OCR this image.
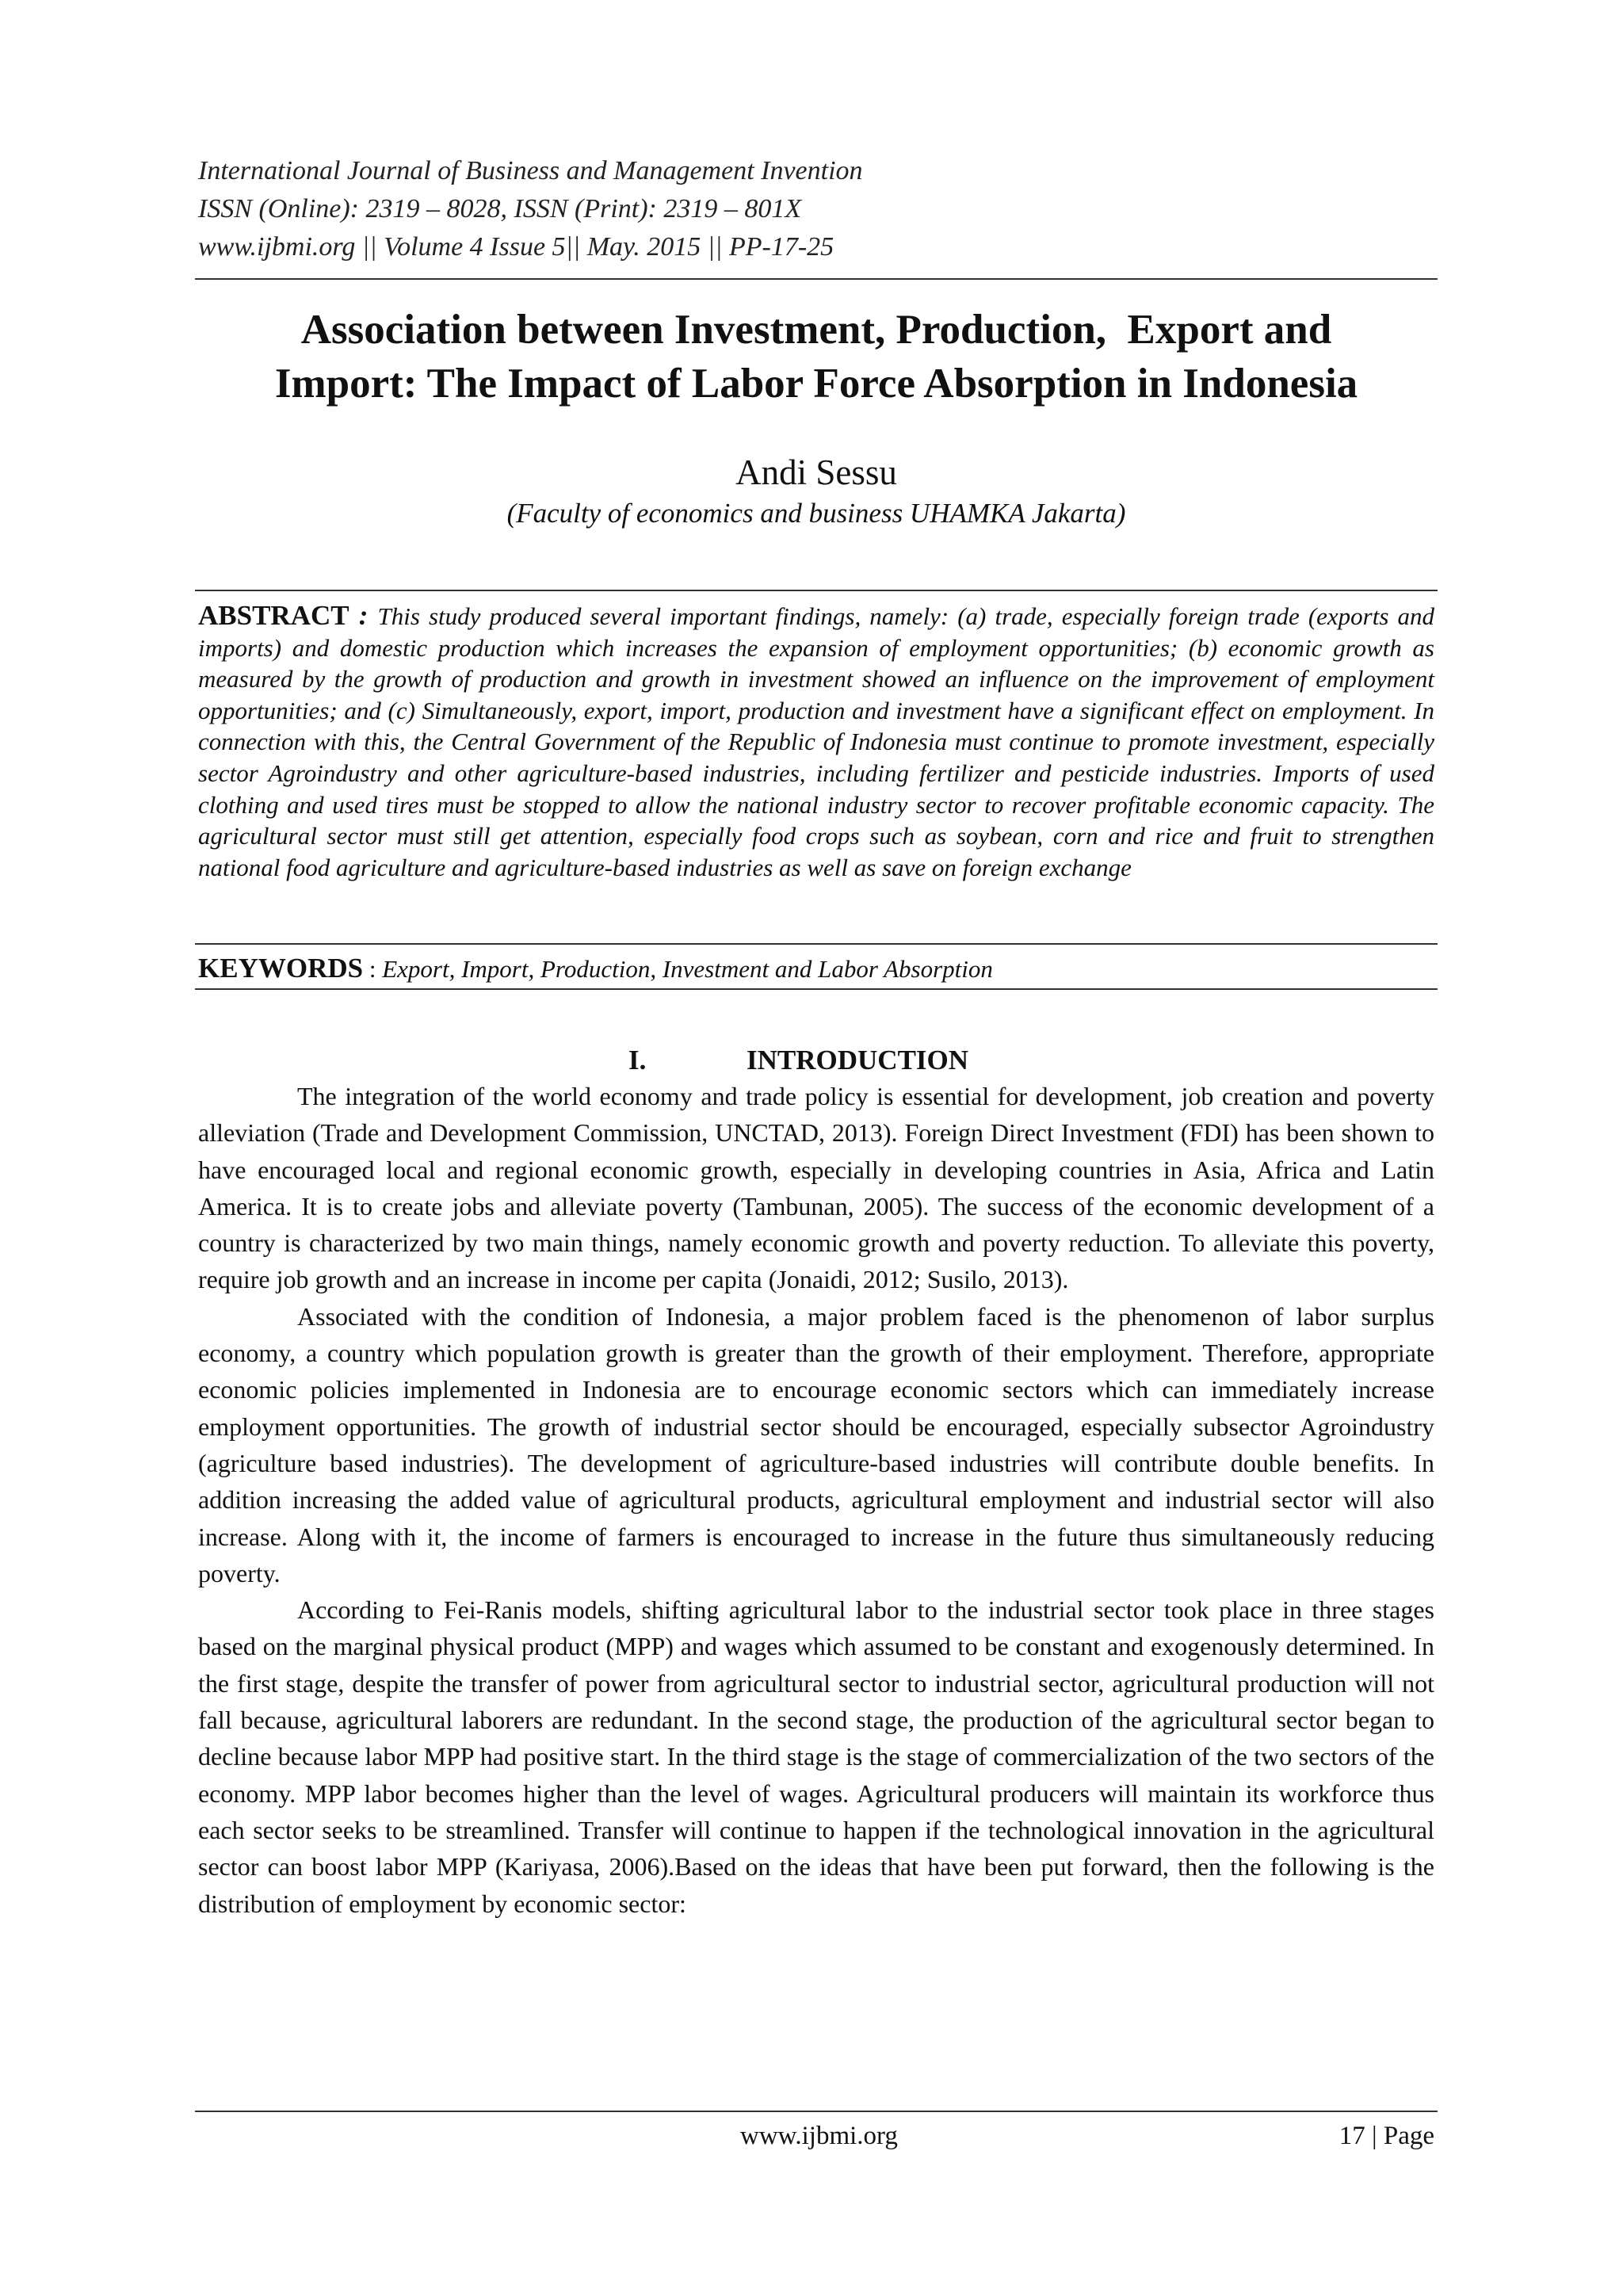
International Journal of Business and Management Invention
ISSN (Online): 2319 – 8028, ISSN (Print): 2319 – 801X
www.ijbmi.org || Volume 4 Issue 5|| May. 2015 || PP-17-25
Association between Investment, Production,  Export and
Import: The Impact of Labor Force Absorption in Indonesia
Andi Sessu
(Faculty of economics and business UHAMKA Jakarta)
ABSTRACT : This study produced several important findings, namely: (a) trade, especially foreign trade (exports and imports) and domestic production which increases the expansion of employment opportunities; (b) economic growth as measured by the growth of production and growth in investment showed an influence on the improvement of employment opportunities; and (c) Simultaneously, export, import, production and investment have a significant effect on employment. In connection with this, the Central Government of the Republic of Indonesia must continue to promote investment, especially sector Agroindustry and other agriculture-based industries, including fertilizer and pesticide industries. Imports of used clothing and used tires must be stopped to allow the national industry sector to recover profitable economic capacity. The agricultural sector must still get attention, especially food crops such as soybean, corn and rice and fruit to strengthen national food agriculture and agriculture-based industries as well as save on foreign exchange
KEYWORDS : Export, Import, Production, Investment and Labor Absorption
I.	INTRODUCTION

The integration of the world economy and trade policy is essential for development, job creation and poverty alleviation (Trade and Development Commission, UNCTAD, 2013). Foreign Direct Investment (FDI) has been shown to have encouraged local and regional economic growth, especially in developing countries in Asia, Africa and Latin America. It is to create jobs and alleviate poverty (Tambunan, 2005). The success of the economic development of a country is characterized by two main things, namely economic growth and poverty reduction. To alleviate this poverty, require job growth and an increase in income per capita (Jonaidi, 2012; Susilo, 2013).

Associated with the condition of Indonesia, a major problem faced is the phenomenon of labor surplus economy, a country which population growth is greater than the growth of their employment. Therefore, appropriate economic policies implemented in Indonesia are to encourage economic sectors which can immediately increase employment opportunities. The growth of industrial sector should be encouraged, especially subsector Agroindustry (agriculture based industries). The development of agriculture-based industries will contribute double benefits. In addition increasing the added value of agricultural products, agricultural employment and industrial sector will also increase. Along with it, the income of farmers is encouraged to increase in the future thus simultaneously reducing poverty.

According to Fei-Ranis models, shifting agricultural labor to the industrial sector took place in three stages based on the marginal physical product (MPP) and wages which assumed to be constant and exogenously determined. In the first stage, despite the transfer of power from agricultural sector to industrial sector, agricultural production will not fall because, agricultural laborers are redundant. In the second stage, the production of the agricultural sector began to decline because labor MPP had positive start. In the third stage is the stage of commercialization of the two sectors of the economy. MPP labor becomes higher than the level of wages. Agricultural producers will maintain its workforce thus each sector seeks to be streamlined. Transfer will continue to happen if the technological innovation in the agricultural sector can boost labor MPP (Kariyasa, 2006).Based on the ideas that have been put forward, then the following is the distribution of employment by economic sector:

www.ijbmi.org	17 | Page
